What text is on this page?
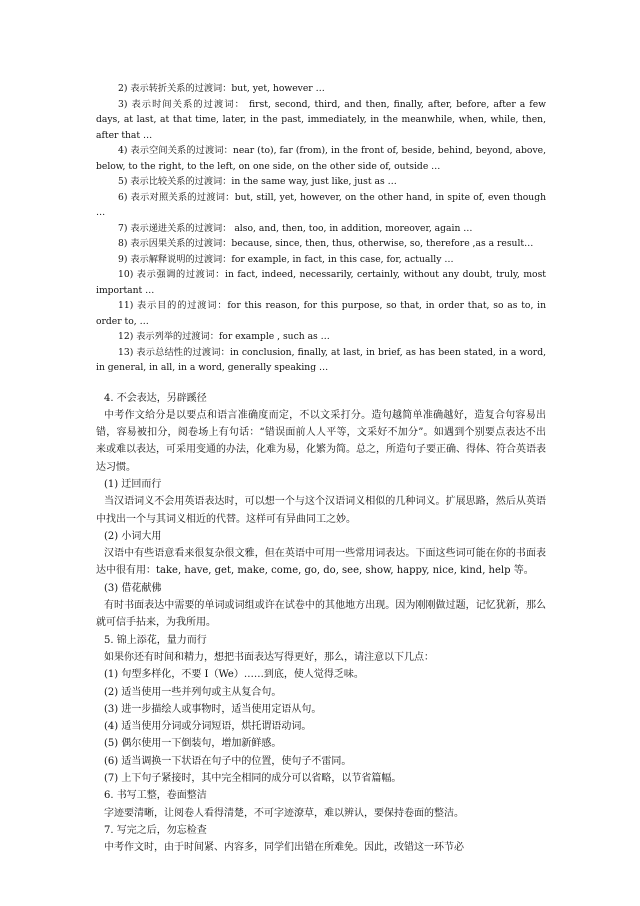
2) 表示转折关系的过渡词：but, yet, however …

3) 表示时间关系的过渡词： first, second, third, and then, finally, after, before, after a few days, at last, at that time, later, in the past, immediately, in the meanwhile, when, while, then, after that …

4) 表示空间关系的过渡词：near (to), far (from), in the front of, beside, behind, beyond, above, below, to the right, to the left, on one side, on the other side of, outside …

5) 表示比较关系的过渡词：in the same way, just like, just as …

6) 表示对照关系的过渡词：but, still, yet, however, on the other hand, in spite of, even though …

7) 表示递进关系的过渡词： also, and, then, too, in addition, moreover, again …

8) 表示因果关系的过渡词：because, since, then, thus, otherwise, so, therefore ,as a result…

9) 表示解释说明的过渡词：for example, in fact, in this case, for, actually …

10) 表示强调的过渡词：in fact, indeed, necessarily, certainly, without any doubt, truly, most important …

11) 表示目的的过渡词：for this reason, for this purpose, so that, in order that, so as to, in order to, …

12) 表示列举的过渡词：for example , such as …

13) 表示总结性的过渡词：in conclusion, finally, at last, in brief, as has been stated, in a word, in general, in all, in a word, generally speaking …

4. 不会表达，另辟蹊径

中考作文给分是以要点和语言准确度而定，不以文采打分。造句越简单准确越好，造复合句容易出错，容易被扣分，阅卷场上有句话：“错误面前人人平等，文采好不加分”。如遇到个别要点表达不出来或难以表达，可采用变通的办法，化难为易，化繁为简。总之，所造句子要正确、得体、符合英语表达习惯。

(1) 迂回而行

当汉语词义不会用英语表达时，可以想一个与这个汉语词义相似的几种词义。扩展思路，然后从英语中找出一个与其词义相近的代替。这样可有异曲同工之妙。

(2) 小词大用

汉语中有些语意看来很复杂很文雅，但在英语中可用一些常用词表达。下面这些词可能在你的书面表达中很有用：take, have, get, make, come, go, do, see, show, happy, nice, kind, help 等。

(3) 借花献佛

有时书面表达中需要的单词或词组或许在试卷中的其他地方出现。因为刚刚做过题，记忆犹新，那么就可信手拈来，为我所用。

5. 锦上添花，量力而行

如果你还有时间和精力，想把书面表达写得更好，那么，请注意以下几点：

(1) 句型多样化，不要 I（We）……到底，使人觉得乏味。

(2) 适当使用一些并列句或主从复合句。

(3) 进一步描绘人或事物时，适当使用定语从句。

(4) 适当使用分词或分词短语，烘托谓语动词。

(5) 偶尔使用一下倒装句，增加新鲜感。

(6) 适当调换一下状语在句子中的位置，使句子不雷同。

(7) 上下句子紧接时，其中完全相同的成分可以省略，以节省篇幅。

6. 书写工整，卷面整洁

字迹要清晰，让阅卷人看得清楚，不可字迹潦草，难以辨认，要保持卷面的整洁。

7. 写完之后，勿忘检查

中考作文时，由于时间紧、内容多，同学们出错在所难免。因此，改错这一环节必
